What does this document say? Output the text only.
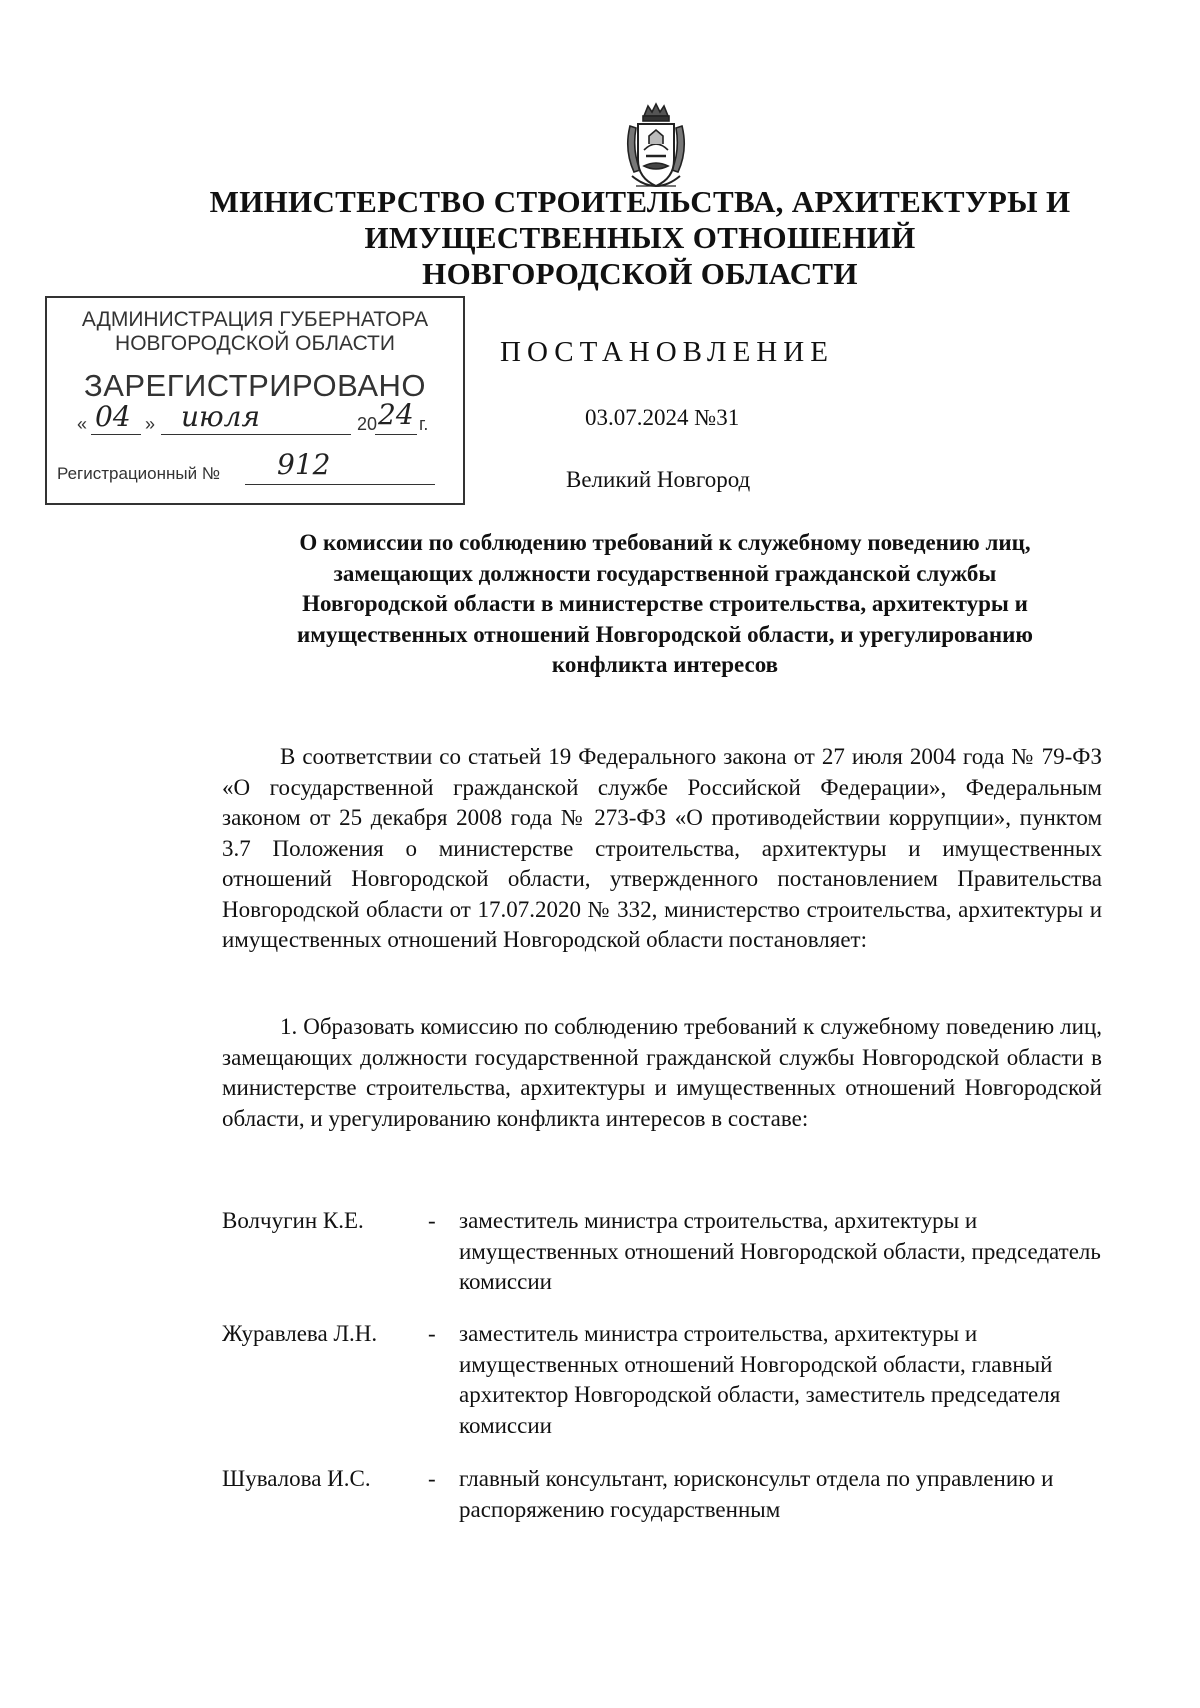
МИНИСТЕРСТВО СТРОИТЕЛЬСТВА, АРХИТЕКТУРЫ И
ИМУЩЕСТВЕННЫХ ОТНОШЕНИЙ
НОВГОРОДСКОЙ ОБЛАСТИ
АДМИНИСТРАЦИЯ ГУБЕРНАТОРА
НОВГОРОДСКОЙ ОБЛАСТИ
ЗАРЕГИСТРИРОВАНО
« 04 » июля	20 24 г.
Регистрационный № 912
ПОСТАНОВЛЕНИЕ
03.07.2024 №31
Великий Новгород
О комиссии по соблюдению требований к служебному поведению лиц,
замещающих должности государственной гражданской службы
Новгородской области в министерстве строительства, архитектуры и
имущественных отношений Новгородской области, и урегулированию
конфликта интересов
В соответствии со статьей 19 Федерального закона от 27 июля 2004 года № 79-ФЗ «О государственной гражданской службе Российской Федерации», Федеральным законом от 25 декабря 2008 года № 273-ФЗ «О противодействии коррупции», пунктом 3.7 Положения о министерстве строительства, архитектуры и имущественных отношений Новгородской области, утвержденного постановлением Правительства Новгородской области от 17.07.2020 № 332, министерство строительства, архитектуры и имущественных отношений Новгородской области постановляет:
1. Образовать комиссию по соблюдению требований к служебному поведению лиц, замещающих должности государственной гражданской службы Новгородской области в министерстве строительства, архитектуры и имущественных отношений Новгородской области, и урегулированию конфликта интересов в составе:
Волчугин К.Е.	- заместитель министра строительства, архитектуры и имущественных отношений Новгородской области, председатель комиссии
Журавлева Л.Н.	- заместитель министра строительства, архитектуры и имущественных отношений Новгородской области, главный архитектор Новгородской области, заместитель председателя комиссии
Шувалова И.С.	- главный консультант, юрисконсульт отдела по управлению и распоряжению государственным
